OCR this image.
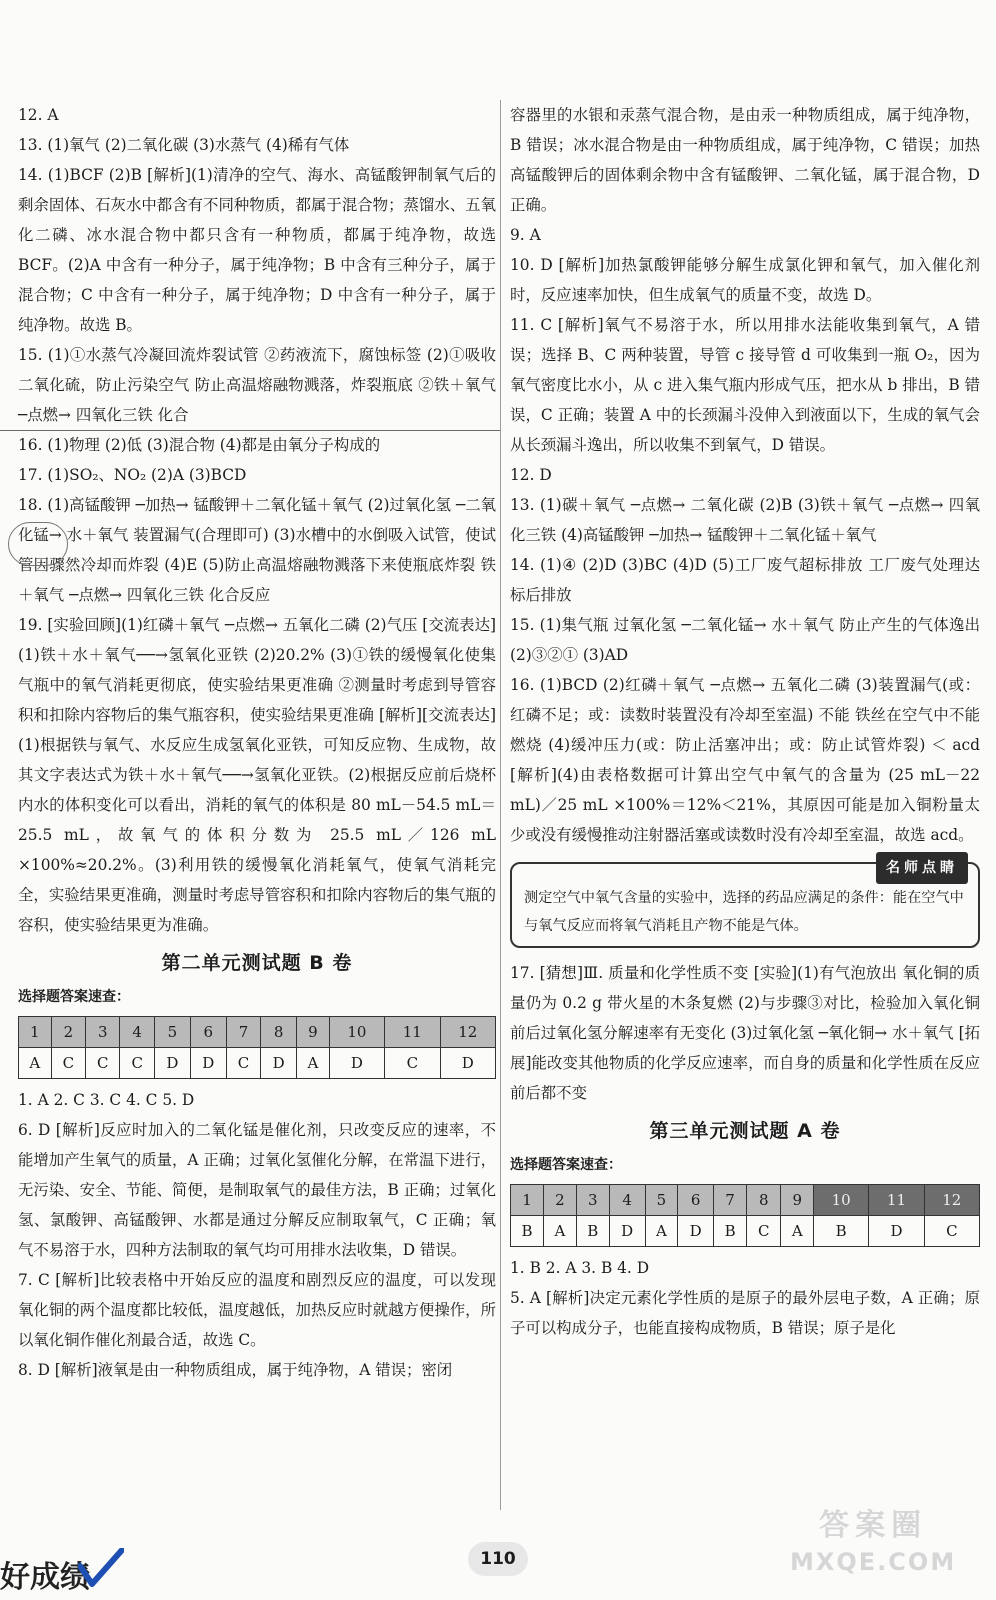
12. A

13. (1)氧气 (2)二氧化碳 (3)水蒸气 (4)稀有气体

14. (1)BCF (2)B [解析](1)清净的空气、海水、高锰酸钾制氧气后的剩余固体、石灰水中都含有不同种物质，都属于混合物；蒸馏水、五氧化二磷、冰水混合物中都只含有一种物质，都属于纯净物，故选 BCF。(2)A 中含有一种分子，属于纯净物；B 中含有三种分子，属于混合物；C 中含有一种分子，属于纯净物；D 中含有一种分子，属于纯净物。故选 B。

15. (1)①水蒸气冷凝回流炸裂试管 ②药液流下，腐蚀标签 (2)①吸收二氧化硫，防止污染空气 防止高温熔融物溅落，炸裂瓶底 ②铁＋氧气 ─点燃→ 四氧化三铁 化合

16. (1)物理 (2)低 (3)混合物 (4)都是由氧分子构成的

17. (1)SO₂、NO₂ (2)A (3)BCD

18. (1)高锰酸钾 ─加热→ 锰酸钾＋二氧化锰＋氧气 (2)过氧化氢 ─二氧化锰→ 水＋氧气 装置漏气(合理即可) (3)水槽中的水倒吸入试管，使试管因骤然冷却而炸裂 (4)E (5)防止高温熔融物溅落下来使瓶底炸裂 铁＋氧气 ─点燃→ 四氧化三铁 化合反应

19. [实验回顾](1)红磷＋氧气 ─点燃→ 五氧化二磷 (2)气压 [交流表达](1)铁＋水＋氧气──→氢氧化亚铁 (2)20.2% (3)①铁的缓慢氧化使集气瓶中的氧气消耗更彻底，使实验结果更准确 ②测量时考虑到导管容积和扣除内容物后的集气瓶容积，使实验结果更准确 [解析][交流表达](1)根据铁与氧气、水反应生成氢氧化亚铁，可知反应物、生成物，故其文字表达式为铁＋水＋氧气──→氢氧化亚铁。(2)根据反应前后烧杯内水的体积变化可以看出，消耗的氧气的体积是 80 mL－54.5 mL＝25.5 mL，故氧气的体积分数为 25.5 mL／126 mL ×100%≈20.2%。(3)利用铁的缓慢氧化消耗氧气，使氧气消耗完全，实验结果更准确，测量时考虑导管容积和扣除内容物后的集气瓶的容积，使实验结果更为准确。

第二单元测试题 B 卷
选择题答案速查：
1	2	3	4	5	6	7	8	9	10	11	12
A	C	C	C	D	D	C	D	A	D	C	D

1. A 2. C 3. C 4. C 5. D

6. D [解析]反应时加入的二氧化锰是催化剂，只改变反应的速率，不能增加产生氧气的质量，A 正确；过氧化氢催化分解，在常温下进行，无污染、安全、节能、简便，是制取氧气的最佳方法，B 正确；过氧化氢、氯酸钾、高锰酸钾、水都是通过分解反应制取氧气，C 正确；氧气不易溶于水，四种方法制取的氧气均可用排水法收集，D 错误。

7. C [解析]比较表格中开始反应的温度和剧烈反应的温度，可以发现氧化铜的两个温度都比较低，温度越低，加热反应时就越方便操作，所以氧化铜作催化剂最合适，故选 C。

8. D [解析]液氧是由一种物质组成，属于纯净物，A 错误；密闭

容器里的水银和汞蒸气混合物，是由汞一种物质组成，属于纯净物，B 错误；冰水混合物是由一种物质组成，属于纯净物，C 错误；加热高锰酸钾后的固体剩余物中含有锰酸钾、二氧化锰，属于混合物，D 正确。

9. A

10. D [解析]加热氯酸钾能够分解生成氯化钾和氧气，加入催化剂时，反应速率加快，但生成氧气的质量不变，故选 D。

11. C [解析]氧气不易溶于水，所以用排水法能收集到氧气，A 错误；选择 B、C 两种装置，导管 c 接导管 d 可收集到一瓶 O₂，因为氧气密度比水小，从 c 进入集气瓶内形成气压，把水从 b 排出，B 错误，C 正确；装置 A 中的长颈漏斗没伸入到液面以下，生成的氧气会从长颈漏斗逸出，所以收集不到氧气，D 错误。

12. D

13. (1)碳＋氧气 ─点燃→ 二氧化碳 (2)B (3)铁＋氧气 ─点燃→ 四氧化三铁 (4)高锰酸钾 ─加热→ 锰酸钾＋二氧化锰＋氧气

14. (1)④ (2)D (3)BC (4)D (5)工厂废气超标排放 工厂废气处理达标后排放

15. (1)集气瓶 过氧化氢 ─二氧化锰→ 水＋氧气 防止产生的气体逸出 (2)③②① (3)AD

16. (1)BCD (2)红磷＋氧气 ─点燃→ 五氧化二磷 (3)装置漏气(或：红磷不足；或：读数时装置没有冷却至室温) 不能 铁丝在空气中不能燃烧 (4)缓冲压力(或：防止活塞冲出；或：防止试管炸裂) ＜ acd [解析](4)由表格数据可计算出空气中氧气的含量为 (25 mL－22 mL)／25 mL ×100%＝12%＜21%，其原因可能是加入铜粉量太少或没有缓慢推动注射器活塞或读数时没有冷却至室温，故选 acd。

名师点睛
测定空气中氧气含量的实验中，选择的药品应满足的条件：能在空气中与氧气反应而将氧气消耗且产物不能是气体。

17. [猜想]Ⅲ. 质量和化学性质不变 [实验](1)有气泡放出 氧化铜的质量仍为 0.2 g 带火星的木条复燃 (2)与步骤③对比，检验加入氧化铜前后过氧化氢分解速率有无变化 (3)过氧化氢 ─氧化铜→ 水＋氧气 [拓展]能改变其他物质的化学反应速率，而自身的质量和化学性质在反应前后都不变

第三单元测试题 A 卷
选择题答案速查：
1	2	3	4	5	6	7	8	9	10	11	12
B	A	B	D	A	D	B	C	A	B	D	C

1. B 2. A 3. B 4. D

5. A [解析]决定元素化学性质的是原子的最外层电子数，A 正确；原子可以构成分子，也能直接构成物质，B 错误；原子是化

好成绩
110
答案圈
MXQE.COM
